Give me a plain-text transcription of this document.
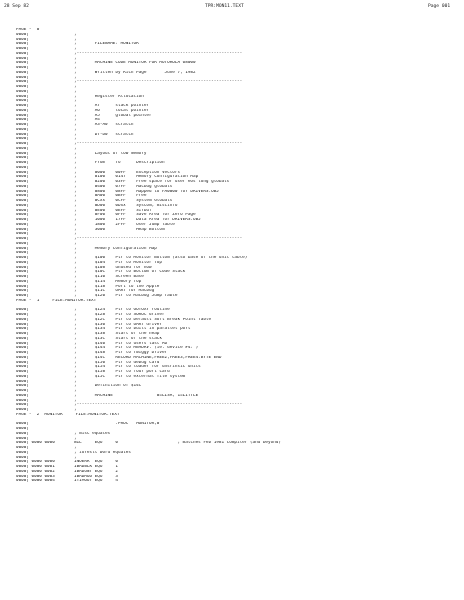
28 Sep 82	TPR:MON11.TEXT	Page 001
PAGE -  0
0000|	;
0000|	;
0000|	;       FILENAME: MONITOR
0000|	;
0000|	;----------------------------------------------------------------
0000|	;
0000|	;       MACHINE CODE MONITOR FOR MOTOROLA 68000
0000|	;
0000|	;       Written by Rich Page       June 7, 1982
0000|	;
0000|	;----------------------------------------------------------------
0000|	;
0000|	;
0000|	;       Register Allocation
0000|	;
0000|	;       A7      stack pointer
0000|	;       A6      local pointer
0000|	;       A5      global pointer
0000|	;       A4
0000|	;       A3-A0   scratch
0000|	;
0000|	;       D7-D0   scratch
0000|	;
0000|	;----------------------------------------------------------------
0000|	;
0000|	;       Layout of low memory
0000|	;
0000|	;       From    To      Description
0000|	;
0000|	;       0000    00FF    Exception Vectors
0000|	;       0100    0147    Memory Configuration Map
0000|	;       0200    03FF    Free space for user eos long globals
0000|	;       0400    07FF    Macbug globals
0000|	;       0800    08FF    Mapped to FA0000 for DRIVERS.OBJ
0000|	;       0A00    0BFF    Free
0000|	;       0Cxx    0CFF    System Globals
0000|	;       0D00    0Dxx    Syscom, miscinfo
0000|	;       0E00    0EFF    Sirbuf
0000|	;       0F00    0FFF    Save Area for Zero Page
0000|	;       1000    17FF    Data Area for DRIVERS.OBJ
0000|	;       1800    2FFF    User Jump Table
0000|	;       3000            Heap Bottom
0000|	;
0000|	;----------------------------------------------------------------
0000|	;
0000|	;       Memory Configuration Map
0000|	;
0000|	;       $100    Ptr to Monitor Bottom (also base of the unit table)
0000|	;       $104    Ptr to Monitor Top
0000|	;       $108    unused for now
0000|	;       $10C    Ptr to Bottom of Code Stack
0000|	;       $110    Screen Base
0000|	;       $114    Memory Top
0000|	;       $118    Port to the Apple
0000|	;       $11C    UART for Macbug
0000|	;       $120    Ptr to Macbug Jump Table
PAGE -  1     FILE:MONITOR.TEXT
0000|	;       $124    Ptr to GOTOXY routine
0000|	;       $128    Ptr to SOROC driver
0000|	;       $12C    Ptr to Default Soft Break Point Table
0000|	;       $130    Ptr to UART driver
0000|	;       $134    Ptr to built in parallel port
0000|	;       $138    Start of the heap
0000|	;       $13C    Start of the stack
0000|	;       $140    Ptr to users last A6
0000|	;       $144    Ptr to MEMDRV. (ie. device #4: )
0000|	;       $148    Ptr to Twiggy Driver
0000|	;       $14C    RECORD MACHINE,FREE2,FREE3,FREE4:BYTE END
0000|	;       $150    Ptr to debug card
0000|	;       $154    Ptr to loader for unsrinsic units
0000|	;       $158    Ptr to four port card
0000|	;       $15C    Ptr to external file system
0000|	;
0000|	;       Definition of $14C
0000|	;
0000|	;       MACHINE                 0=LISA, 1=LITTLE
0000|	;
0000|	;----------------------------------------------------------------
0000|	;
PAGE -  2  MONITOR     FILE:MONITOR.TEXT
0000|	.PROC   MONITOR,0
0000|
0000|	; misc equates
0000|	;
0000| 0000 0000	NIL     EQU     0                       ; matches Feb 1981 compiler (and beyond)
0000|	;
0000|	; ioreslt word equates
0000|	;
0000| 0000 0000	INOERR  EQU     0
0000| 0000 0001	IBADBLK EQU     1
0000| 0000 0002	IBADUNT EQU     2
0000| 0000 0003	IBADMOD EQU     3
0000| 0000 0004	ITIMOUT EQU     4
